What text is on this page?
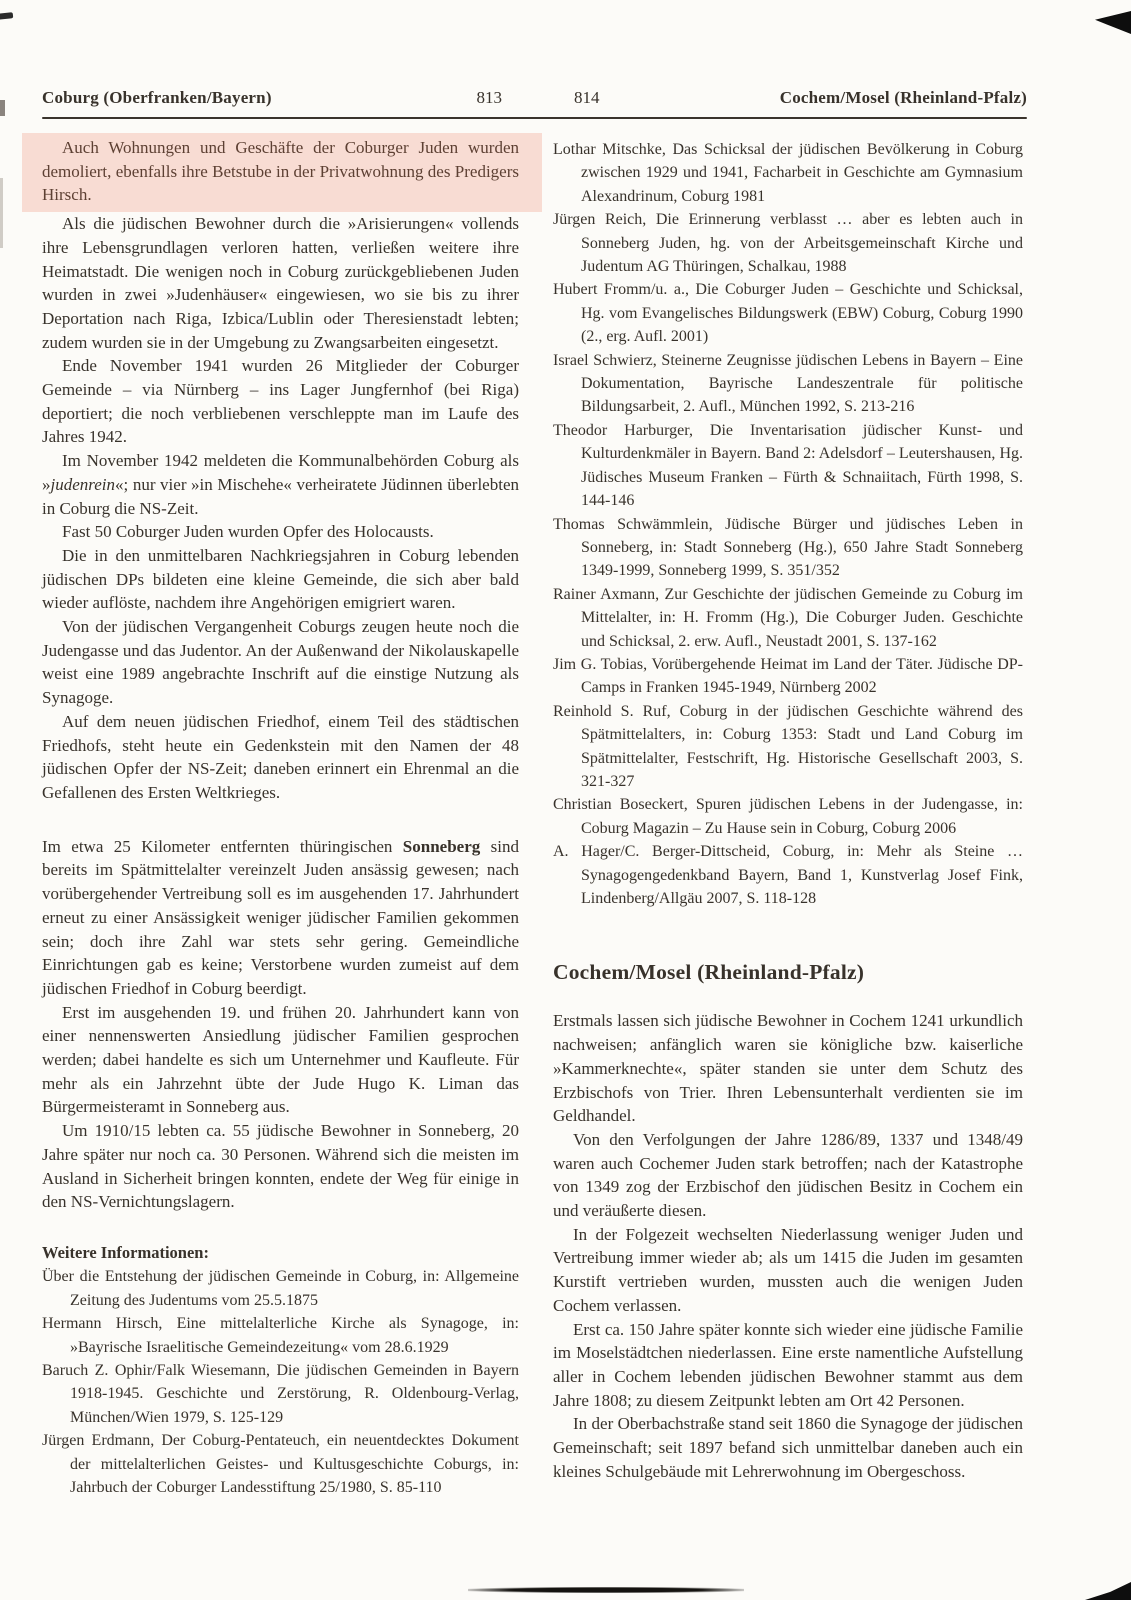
Coburg (Oberfranken/Bayern)	813	814	Cochem/Mosel (Rheinland-Pfalz)

Auch Wohnungen und Geschäfte der Coburger Juden wurden demoliert, ebenfalls ihre Betstube in der Privatwohnung des Predigers Hirsch.

Als die jüdischen Bewohner durch die »Arisierungen« vollends ihre Lebensgrundlagen verloren hatten, verließen weitere ihre Heimatstadt. Die wenigen noch in Coburg zurückgebliebenen Juden wurden in zwei »Judenhäuser« eingewiesen, wo sie bis zu ihrer Deportation nach Riga, Izbica/Lublin oder Theresienstadt lebten; zudem wurden sie in der Umgebung zu Zwangsarbeiten eingesetzt.

Ende November 1941 wurden 26 Mitglieder der Coburger Gemeinde – via Nürnberg – ins Lager Jungfernhof (bei Riga) deportiert; die noch verbliebenen verschleppte man im Laufe des Jahres 1942.

Im November 1942 meldeten die Kommunalbehörden Coburg als »judenrein«; nur vier »in Mischehe« verheiratete Jüdinnen überlebten in Coburg die NS-Zeit.

Fast 50 Coburger Juden wurden Opfer des Holocausts.

Die in den unmittelbaren Nachkriegsjahren in Coburg lebenden jüdischen DPs bildeten eine kleine Gemeinde, die sich aber bald wieder auflöste, nachdem ihre Angehörigen emigriert waren.

Von der jüdischen Vergangenheit Coburgs zeugen heute noch die Judengasse und das Judentor. An der Außenwand der Nikolauskapelle weist eine 1989 angebrachte Inschrift auf die einstige Nutzung als Synagoge.

Auf dem neuen jüdischen Friedhof, einem Teil des städtischen Friedhofs, steht heute ein Gedenkstein mit den Namen der 48 jüdischen Opfer der NS-Zeit; daneben erinnert ein Ehrenmal an die Gefallenen des Ersten Weltkrieges.

Im etwa 25 Kilometer entfernten thüringischen Sonneberg sind bereits im Spätmittelalter vereinzelt Juden ansässig gewesen; nach vorübergehender Vertreibung soll es im ausgehenden 17. Jahrhundert erneut zu einer Ansässigkeit weniger jüdischer Familien gekommen sein; doch ihre Zahl war stets sehr gering. Gemeindliche Einrichtungen gab es keine; Verstorbene wurden zumeist auf dem jüdischen Friedhof in Coburg beerdigt.

Erst im ausgehenden 19. und frühen 20. Jahrhundert kann von einer nennenswerten Ansiedlung jüdischer Familien gesprochen werden; dabei handelte es sich um Unternehmer und Kaufleute. Für mehr als ein Jahrzehnt übte der Jude Hugo K. Liman das Bürgermeisteramt in Sonneberg aus.

Um 1910/15 lebten ca. 55 jüdische Bewohner in Sonneberg, 20 Jahre später nur noch ca. 30 Personen. Während sich die meisten im Ausland in Sicherheit bringen konnten, endete der Weg für einige in den NS-Vernichtungslagern.

Weitere Informationen:

Über die Entstehung der jüdischen Gemeinde in Coburg, in: Allgemeine Zeitung des Judentums vom 25.5.1875

Hermann Hirsch, Eine mittelalterliche Kirche als Synagoge, in: »Bayrische Israelitische Gemeindezeitung« vom 28.6.1929

Baruch Z. Ophir/Falk Wiesemann, Die jüdischen Gemeinden in Bayern 1918-1945. Geschichte und Zerstörung, R. Oldenbourg-Verlag, München/Wien 1979, S. 125-129

Jürgen Erdmann, Der Coburg-Pentateuch, ein neuentdecktes Dokument der mittelalterlichen Geistes- und Kultusgeschichte Coburgs, in: Jahrbuch der Coburger Landesstiftung 25/1980, S. 85-110

Lothar Mitschke, Das Schicksal der jüdischen Bevölkerung in Coburg zwischen 1929 und 1941, Facharbeit in Geschichte am Gymnasium Alexandrinum, Coburg 1981

Jürgen Reich, Die Erinnerung verblasst … aber es lebten auch in Sonneberg Juden, hg. von der Arbeitsgemeinschaft Kirche und Judentum AG Thüringen, Schalkau, 1988

Hubert Fromm/u. a., Die Coburger Juden – Geschichte und Schicksal, Hg. vom Evangelisches Bildungswerk (EBW) Coburg, Coburg 1990 (2., erg. Aufl. 2001)

Israel Schwierz, Steinerne Zeugnisse jüdischen Lebens in Bayern – Eine Dokumentation, Bayrische Landeszentrale für politische Bildungsarbeit, 2. Aufl., München 1992, S. 213-216

Theodor Harburger, Die Inventarisation jüdischer Kunst- und Kulturdenkmäler in Bayern. Band 2: Adelsdorf – Leutershausen, Hg. Jüdisches Museum Franken – Fürth & Schnaiitach, Fürth 1998, S. 144-146

Thomas Schwämmlein, Jüdische Bürger und jüdisches Leben in Sonneberg, in: Stadt Sonneberg (Hg.), 650 Jahre Stadt Sonneberg 1349-1999, Sonneberg 1999, S. 351/352

Rainer Axmann, Zur Geschichte der jüdischen Gemeinde zu Coburg im Mittelalter, in: H. Fromm (Hg.), Die Coburger Juden. Geschichte und Schicksal, 2. erw. Aufl., Neustadt 2001, S. 137-162

Jim G. Tobias, Vorübergehende Heimat im Land der Täter. Jüdische DP-Camps in Franken 1945-1949, Nürnberg 2002

Reinhold S. Ruf, Coburg in der jüdischen Geschichte während des Spätmittelalters, in: Coburg 1353: Stadt und Land Coburg im Spätmittelalter, Festschrift, Hg. Historische Gesellschaft 2003, S. 321-327

Christian Boseckert, Spuren jüdischen Lebens in der Judengasse, in: Coburg Magazin – Zu Hause sein in Coburg, Coburg 2006

A. Hager/C. Berger-Dittscheid, Coburg, in: Mehr als Steine … Synagogengedenkband Bayern, Band 1, Kunstverlag Josef Fink, Lindenberg/Allgäu 2007, S. 118-128

Cochem/Mosel (Rheinland-Pfalz)

Erstmals lassen sich jüdische Bewohner in Cochem 1241 urkundlich nachweisen; anfänglich waren sie königliche bzw. kaiserliche »Kammerknechte«, später standen sie unter dem Schutz des Erzbischofs von Trier. Ihren Lebensunterhalt verdienten sie im Geldhandel.

Von den Verfolgungen der Jahre 1286/89, 1337 und 1348/49 waren auch Cochemer Juden stark betroffen; nach der Katastrophe von 1349 zog der Erzbischof den jüdischen Besitz in Cochem ein und veräußerte diesen.

In der Folgezeit wechselten Niederlassung weniger Juden und Vertreibung immer wieder ab; als um 1415 die Juden im gesamten Kurstift vertrieben wurden, mussten auch die wenigen Juden Cochem verlassen.

Erst ca. 150 Jahre später konnte sich wieder eine jüdische Familie im Moselstädtchen niederlassen. Eine erste namentliche Aufstellung aller in Cochem lebenden jüdischen Bewohner stammt aus dem Jahre 1808; zu diesem Zeitpunkt lebten am Ort 42 Personen.

In der Oberbachstraße stand seit 1860 die Synagoge der jüdischen Gemeinschaft; seit 1897 befand sich unmittelbar daneben auch ein kleines Schulgebäude mit Lehrerwohnung im Obergeschoss.
